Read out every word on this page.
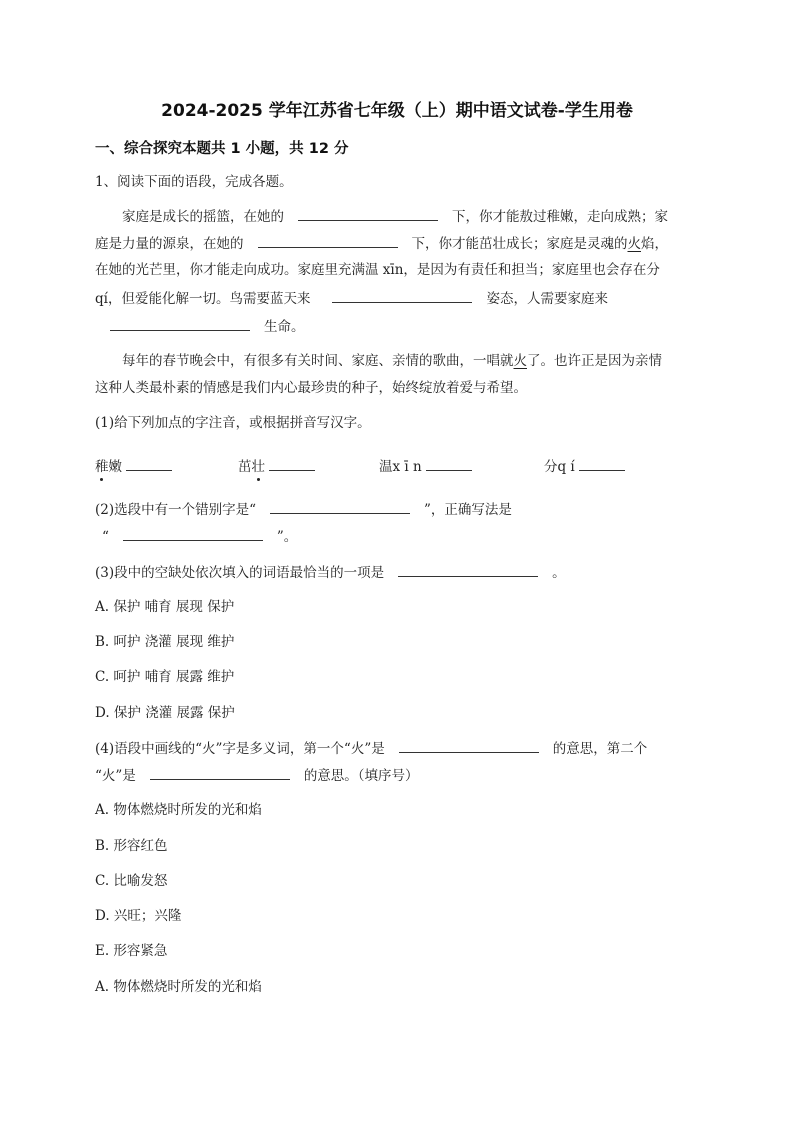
2024-2025 学年江苏省七年级（上）期中语文试卷-学生用卷
一、综合探究本题共 1 小题，共 12 分
1、阅读下面的语段，完成各题。
家庭是成长的摇篮，在她的	下，你才能敖过稚嫩，走向成熟；家
庭是力量的源泉，在她的	下，你才能茁壮成长；家庭是灵魂的火焰，
在她的光芒里，你才能走向成功。家庭里充满温 xīn，是因为有责任和担当；家庭里也会存在分
qí，但爱能化解一切。鸟需要蓝天来	姿态，人需要家庭来
生命。
每年的春节晚会中，有很多有关时间、家庭、亲情的歌曲，一唱就火了。也许正是因为亲情
这种人类最朴素的情感是我们内心最珍贵的种子，始终绽放着爱与希望。
(1)给下列加点的字注音，或根据拼音写汉字。
稚嫩	茁壮	温x ī n	分q í
(2)选段中有一个错别字是“	”，正确写法是
“	”。
(3)段中的空缺处依次填入的词语最恰当的一项是	。
A. 保护 哺育 展现 保护
B. 呵护 浇灌 展现 维护
C. 呵护 哺育 展露 维护
D. 保护 浇灌 展露 保护
(4)语段中画线的“火”字是多义词，第一个“火”是	的意思，第二个
“火”是	的意思。（填序号）
A. 物体燃烧时所发的光和焰
B. 形容红色
C. 比喻发怒
D. 兴旺；兴隆
E. 形容紧急
A. 物体燃烧时所发的光和焰
